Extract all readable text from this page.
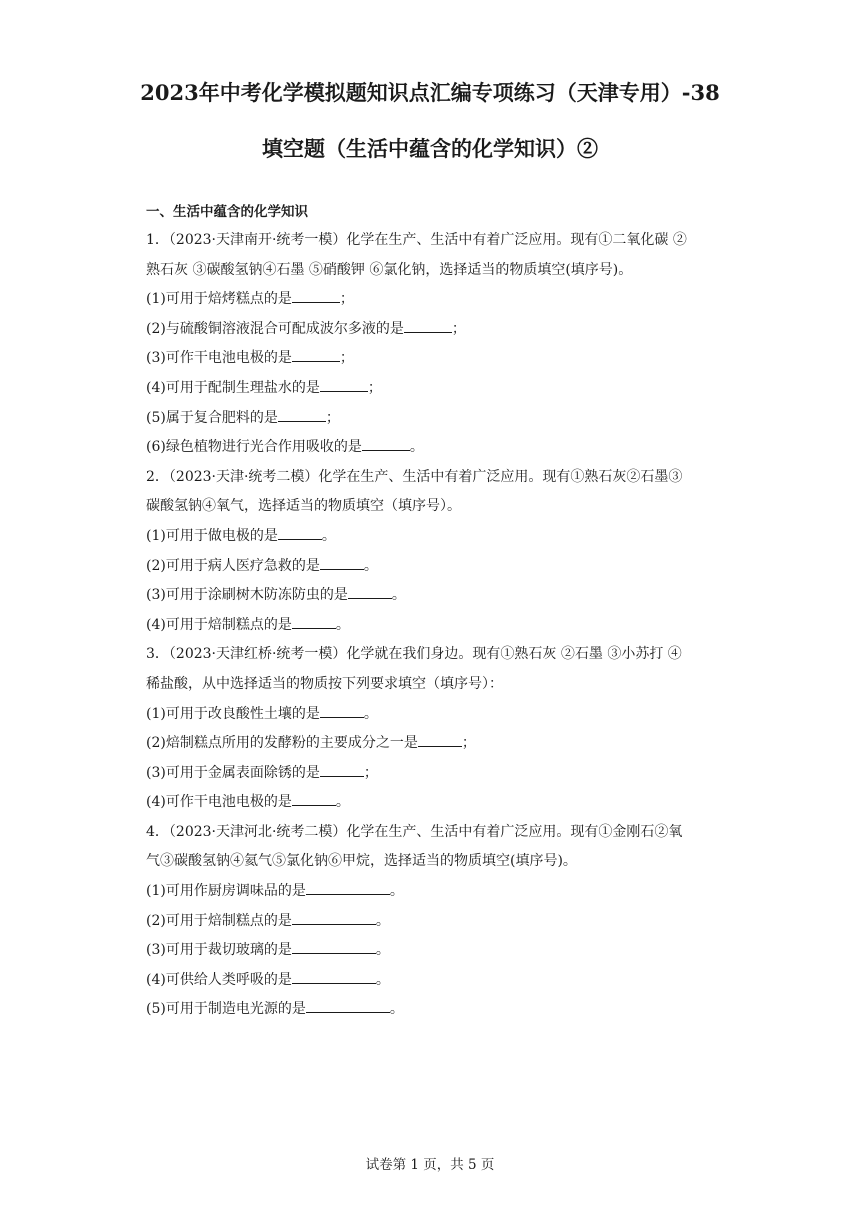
2023年中考化学模拟题知识点汇编专项练习（天津专用）-38
填空题（生活中蕴含的化学知识）②
一、生活中蕴含的化学知识
1．（2023·天津南开·统考一模）化学在生产、生活中有着广泛应用。现有①二氧化碳 ②
熟石灰 ③碳酸氢钠④石墨 ⑤硝酸钾 ⑥氯化钠，选择适当的物质填空(填序号)。
(1)可用于焙烤糕点的是	；
(2)与硫酸铜溶液混合可配成波尔多液的是	；
(3)可作干电池电极的是	；
(4)可用于配制生理盐水的是	；
(5)属于复合肥料的是	；
(6)绿色植物进行光合作用吸收的是	。
2．（2023·天津·统考二模）化学在生产、生活中有着广泛应用。现有①熟石灰②石墨③
碳酸氢钠④氧气，选择适当的物质填空（填序号）。
(1)可用于做电极的是	。
(2)可用于病人医疗急救的是	。
(3)可用于涂刷树木防冻防虫的是	。
(4)可用于焙制糕点的是	。
3．（2023·天津红桥·统考一模）化学就在我们身边。现有①熟石灰 ②石墨 ③小苏打 ④
稀盐酸，从中选择适当的物质按下列要求填空（填序号）：
(1)可用于改良酸性土壤的是	。
(2)焙制糕点所用的发酵粉的主要成分之一是	；
(3)可用于金属表面除锈的是	；
(4)可作干电池电极的是	。
4．（2023·天津河北·统考二模）化学在生产、生活中有着广泛应用。现有①金刚石②氧
气③碳酸氢钠④氦气⑤氯化钠⑥甲烷，选择适当的物质填空(填序号)。
(1)可用作厨房调味品的是	。
(2)可用于焙制糕点的是	。
(3)可用于裁切玻璃的是	。
(4)可供给人类呼吸的是	。
(5)可用于制造电光源的是	。
试卷第 1 页，共 5 页
